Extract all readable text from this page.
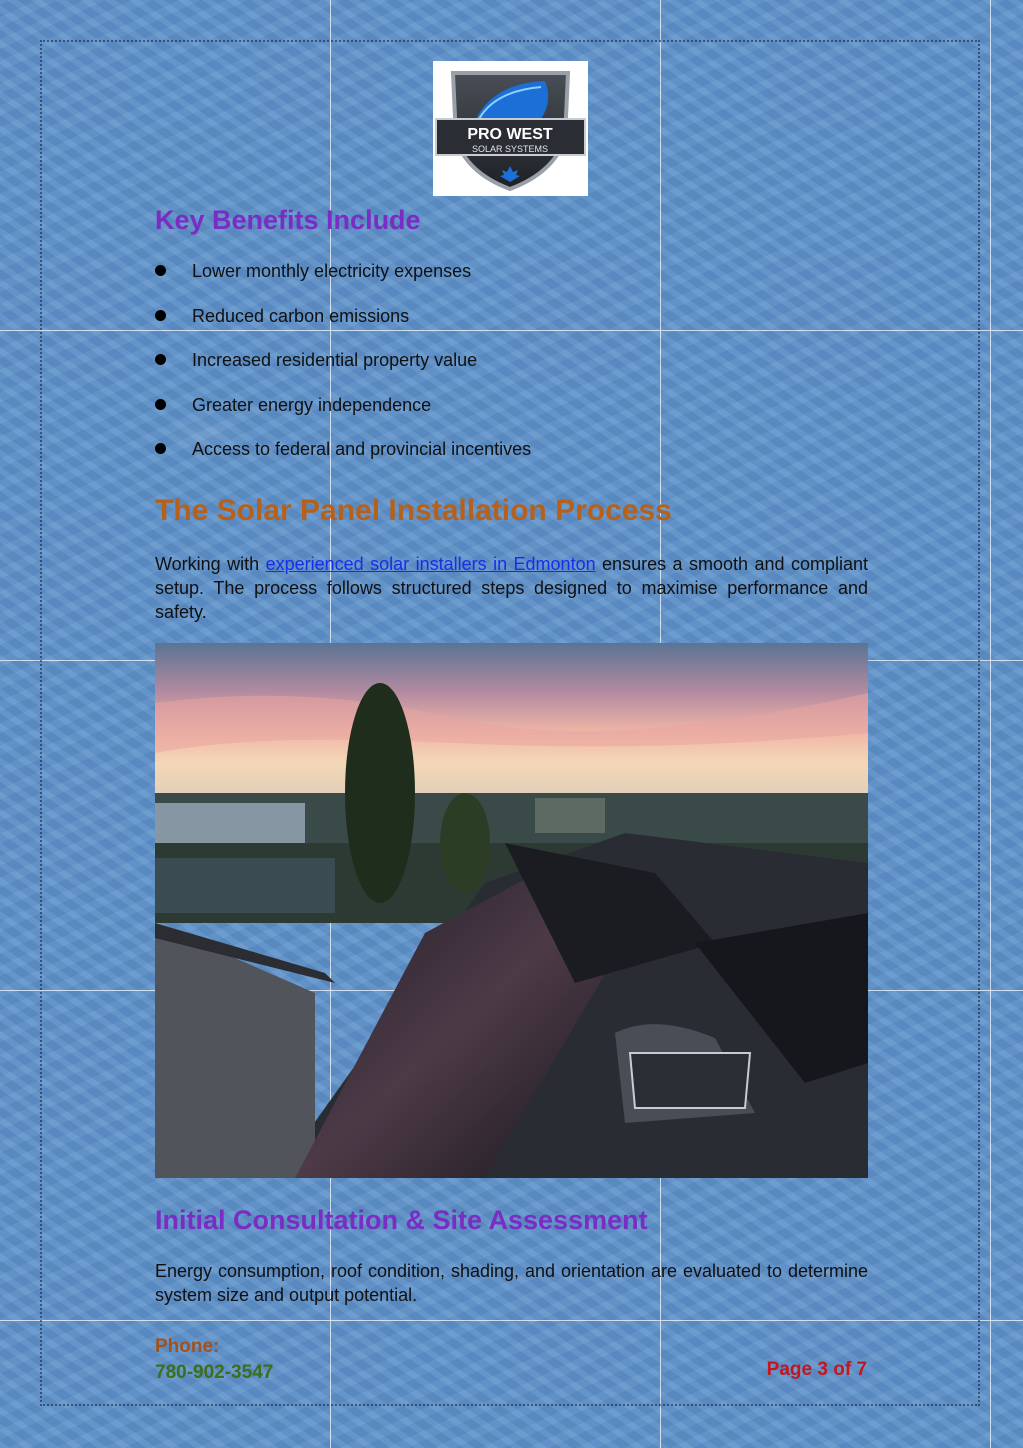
PRO WEST
SOLAR SYSTEMS
Key Benefits Include
Lower monthly electricity expenses
Reduced carbon emissions
Increased residential property value
Greater energy independence
Access to federal and provincial incentives
The Solar Panel Installation Process

Working with experienced solar installers in Edmonton ensures a smooth and compliant setup. The process follows structured steps designed to maximise performance and safety.

Initial Consultation & Site Assessment

Energy consumption, roof condition, shading, and orientation are evaluated to determine system size and output potential.

Phone:

780-902-3547	Page 3 of 7
